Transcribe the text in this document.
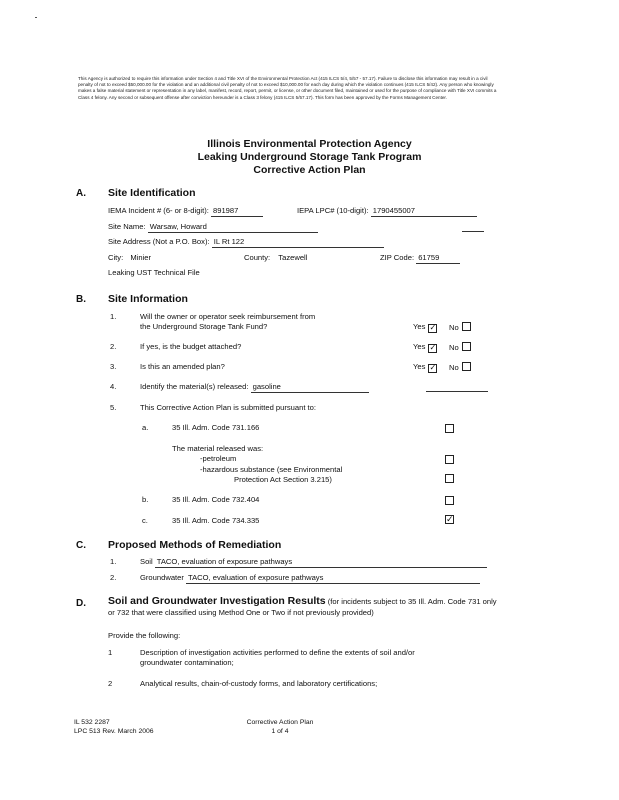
This Agency is authorized to require this information under Section 4 and Title XVI of the Environmental Protection Act (415 ILCS 5/4, 5/57 - 57.17). Failure to disclose this information may result in a civil penalty of not to exceed $50,000.00 for the violation and an additional civil penalty of not to exceed $10,000.00 for each day during which the violation continues (415 ILCS 5/42). Any person who knowingly makes a false material statement or representation in any label, manifest, record, report, permit, or license, or other document filed, maintained or used for the purpose of compliance with Title XVI commits a Class 4 felony. Any second or subsequent offense after conviction hereunder is a Class 3 felony (415 ILCS 5/57.17). This form has been approved by the Forms Management Center.
Illinois Environmental Protection Agency
Leaking Underground Storage Tank Program
Corrective Action Plan
A. Site Identification
IEMA Incident # (6- or 8-digit): 891987	IEPA LPC# (10-digit): 1790455007
Site Name: Warsaw, Howard
Site Address (Not a P.O. Box): IL Rt 122
City: Minier	County: Tazewell	ZIP Code: 61759
Leaking UST Technical File
B. Site Information
1.	Will the owner or operator seek reimbursement from
the Underground Storage Tank Fund?	Yes ✓ No
2.	If yes, is the budget attached?	Yes ✓ No
3.	Is this an amended plan?	Yes ✓ No
4.	Identify the material(s) released: gasoline
5.	This Corrective Action Plan is submitted pursuant to:
a.	35 Ill. Adm. Code 731.166
The material released was:
-petroleum
-hazardous substance (see Environmental
Protection Act Section 3.215)
b.	35 Ill. Adm. Code 732.404
c.	35 Ill. Adm. Code 734.335	✓
C. Proposed Methods of Remediation
1.	Soil TACO, evaluation of exposure pathways
2.	Groundwater TACO, evaluation of exposure pathways
D. Soil and Groundwater Investigation Results (for incidents subject to 35 Ill. Adm. Code 731 only or 732 that were classified using Method One or Two if not previously provided)
Provide the following:
1	Description of investigation activities performed to define the extents of soil and/or
groundwater contamination;
2	Analytical results, chain-of-custody forms, and laboratory certifications;
IL 532 2287
LPC 513 Rev. March 2006
Corrective Action Plan
1 of 4
